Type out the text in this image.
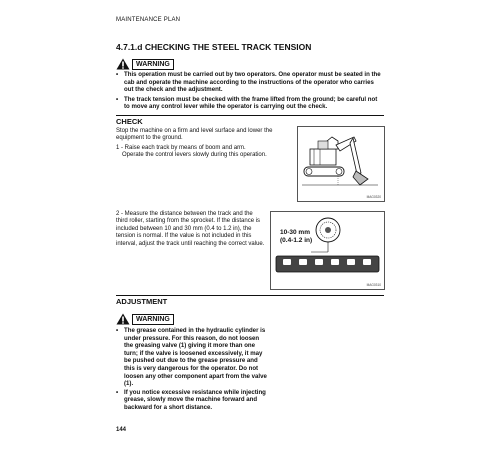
MAINTENANCE PLAN
4.7.1.d CHECKING THE STEEL TRACK TENSION
WARNING
• This operation must be carried out by two operators. One operator must be seated in the cab and operate the machine according to the instructions of the operator who carries out the check and the adjustment.
• The track tension must be checked with the frame lifted from the ground; be careful not to move any control lever while the operator is carrying out the check.
CHECK
Stop the machine on a firm and level surface and lower the equipment to the ground.
1 - Raise each track by means of boom and arm.
Operate the control levers slowly during this operation.
MAG0320
2 - Measure the distance between the track and the third roller, starting from the sprocket. If the distance is included between 10 and 30 mm (0.4 to 1.2 in), the tension is normal. If the value is not included in this interval, adjust the track until reaching the correct value.
10-30 mm
(0.4-1.2 in)
MAG0310
ADJUSTMENT
WARNING
• The grease contained in the hydraulic cylinder is under pressure. For this reason, do not loosen the greasing valve (1) giving it more than one turn; if the valve is loosened excessively, it may be pushed out due to the grease pressure and this is very dangerous for the operator. Do not loosen any other component apart from the valve (1).
• If you notice excessive resistance while injecting grease, slowly move the machine forward and backward for a short distance.
144
